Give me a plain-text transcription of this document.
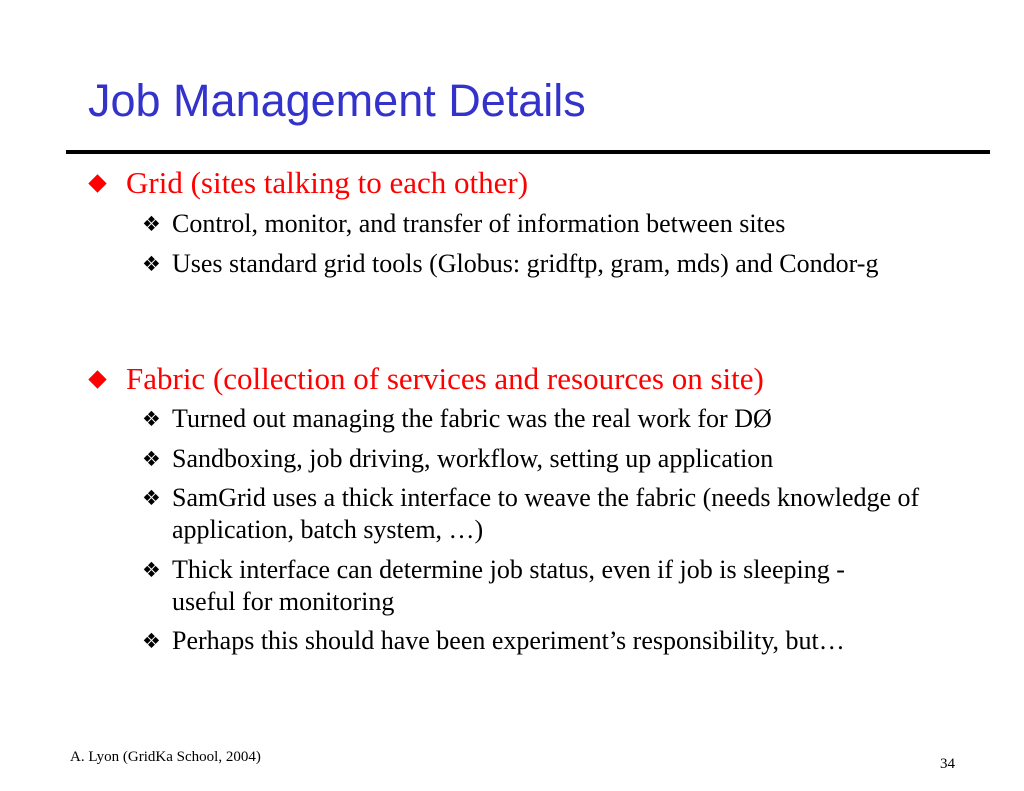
Job Management Details
Grid (sites talking to each other)
❖ Control, monitor, and transfer of information between sites
❖ Uses standard grid tools (Globus: gridftp, gram, mds) and Condor-g
Fabric (collection of services and resources on site)
❖ Turned out managing the fabric was the real work for DØ
❖ Sandboxing, job driving, workflow, setting up application
❖ SamGrid uses a thick interface to weave the fabric (needs knowledge of application, batch system, …)
❖ Thick interface can determine job status, even if job is sleeping - useful for monitoring
❖ Perhaps this should have been experiment’s responsibility, but…
A. Lyon (GridKa School, 2004)	34
